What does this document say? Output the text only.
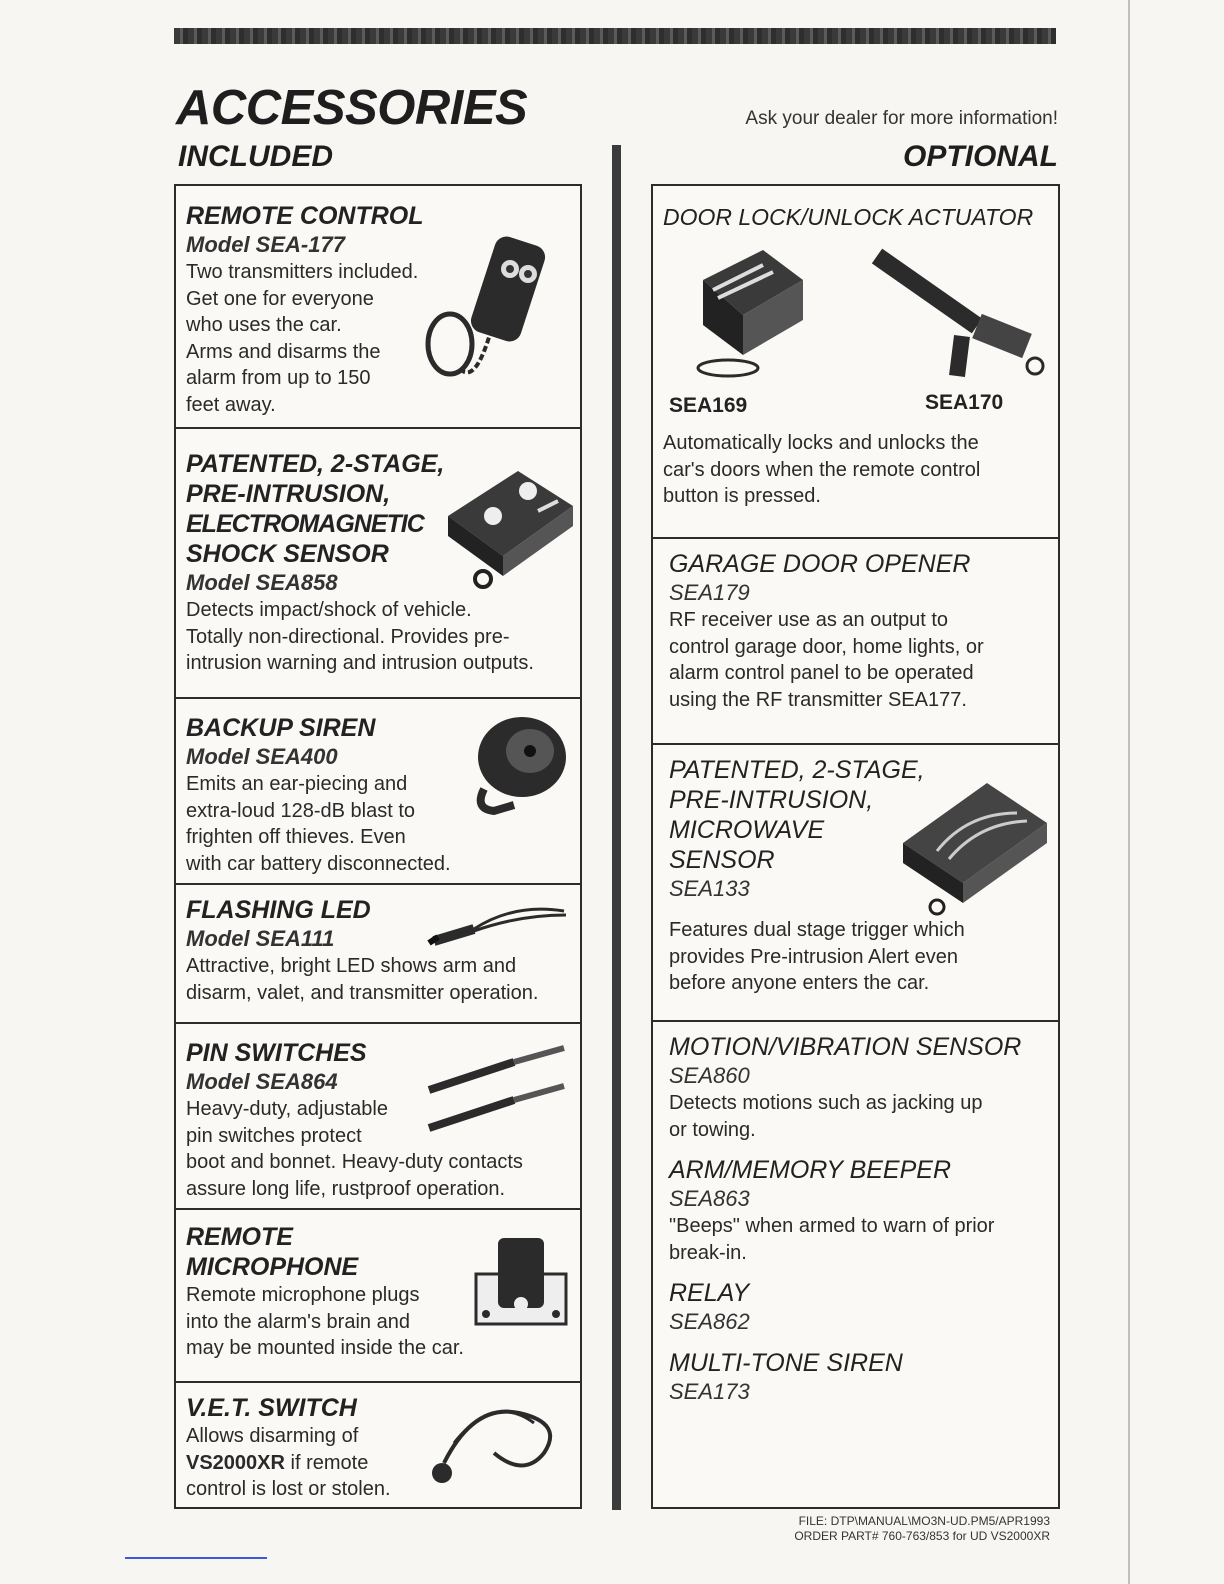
ACCESSORIES	Ask your dealer for more information!
INCLUDED	OPTIONAL

REMOTE CONTROL

Model SEA-177

Two transmitters included.

Get one for everyone

who uses the car.

Arms and disarms the

alarm from up to 150

feet away.

PATENTED, 2-STAGE,

PRE-INTRUSION,

ELECTROMAGNETIC

SHOCK SENSOR

Model SEA858

Detects impact/shock of vehicle.

Totally non-directional. Provides pre-

intrusion warning and intrusion outputs.

BACKUP SIREN

Model SEA400

Emits an ear-piecing and

extra-loud 128-dB blast to

frighten off thieves. Even

with car battery disconnected.

FLASHING LED

Model SEA111

Attractive, bright LED shows arm and

disarm, valet, and transmitter operation.

PIN SWITCHES

Model SEA864

Heavy-duty, adjustable

pin switches protect

boot and bonnet. Heavy-duty contacts

assure long life, rustproof operation.

REMOTE

MICROPHONE

Remote microphone plugs

into the alarm's brain and

may be mounted inside the car.

V.E.T. SWITCH

Allows disarming of

VS2000XR if remote

control is lost or stolen.

DOOR LOCK/UNLOCK ACTUATOR

SEA169	SEA170

Automatically locks and unlocks the

car's doors when the remote control

button is pressed.

GARAGE DOOR OPENER

SEA179

RF receiver use as an output to

control garage door, home lights, or

alarm control panel to be operated

using the RF transmitter SEA177.

PATENTED, 2-STAGE,

PRE-INTRUSION,

MICROWAVE

SENSOR

SEA133

Features dual stage trigger which

provides Pre-intrusion Alert even

before anyone enters the car.

MOTION/VIBRATION SENSOR

SEA860

Detects motions such as jacking up

or towing.

ARM/MEMORY BEEPER

SEA863

"Beeps" when armed to warn of prior

break-in.

RELAY

SEA862

MULTI-TONE SIREN

SEA173

FILE: DTP\MANUAL\MO3N-UD.PM5/APR1993
ORDER PART# 760-763/853 for UD VS2000XR
